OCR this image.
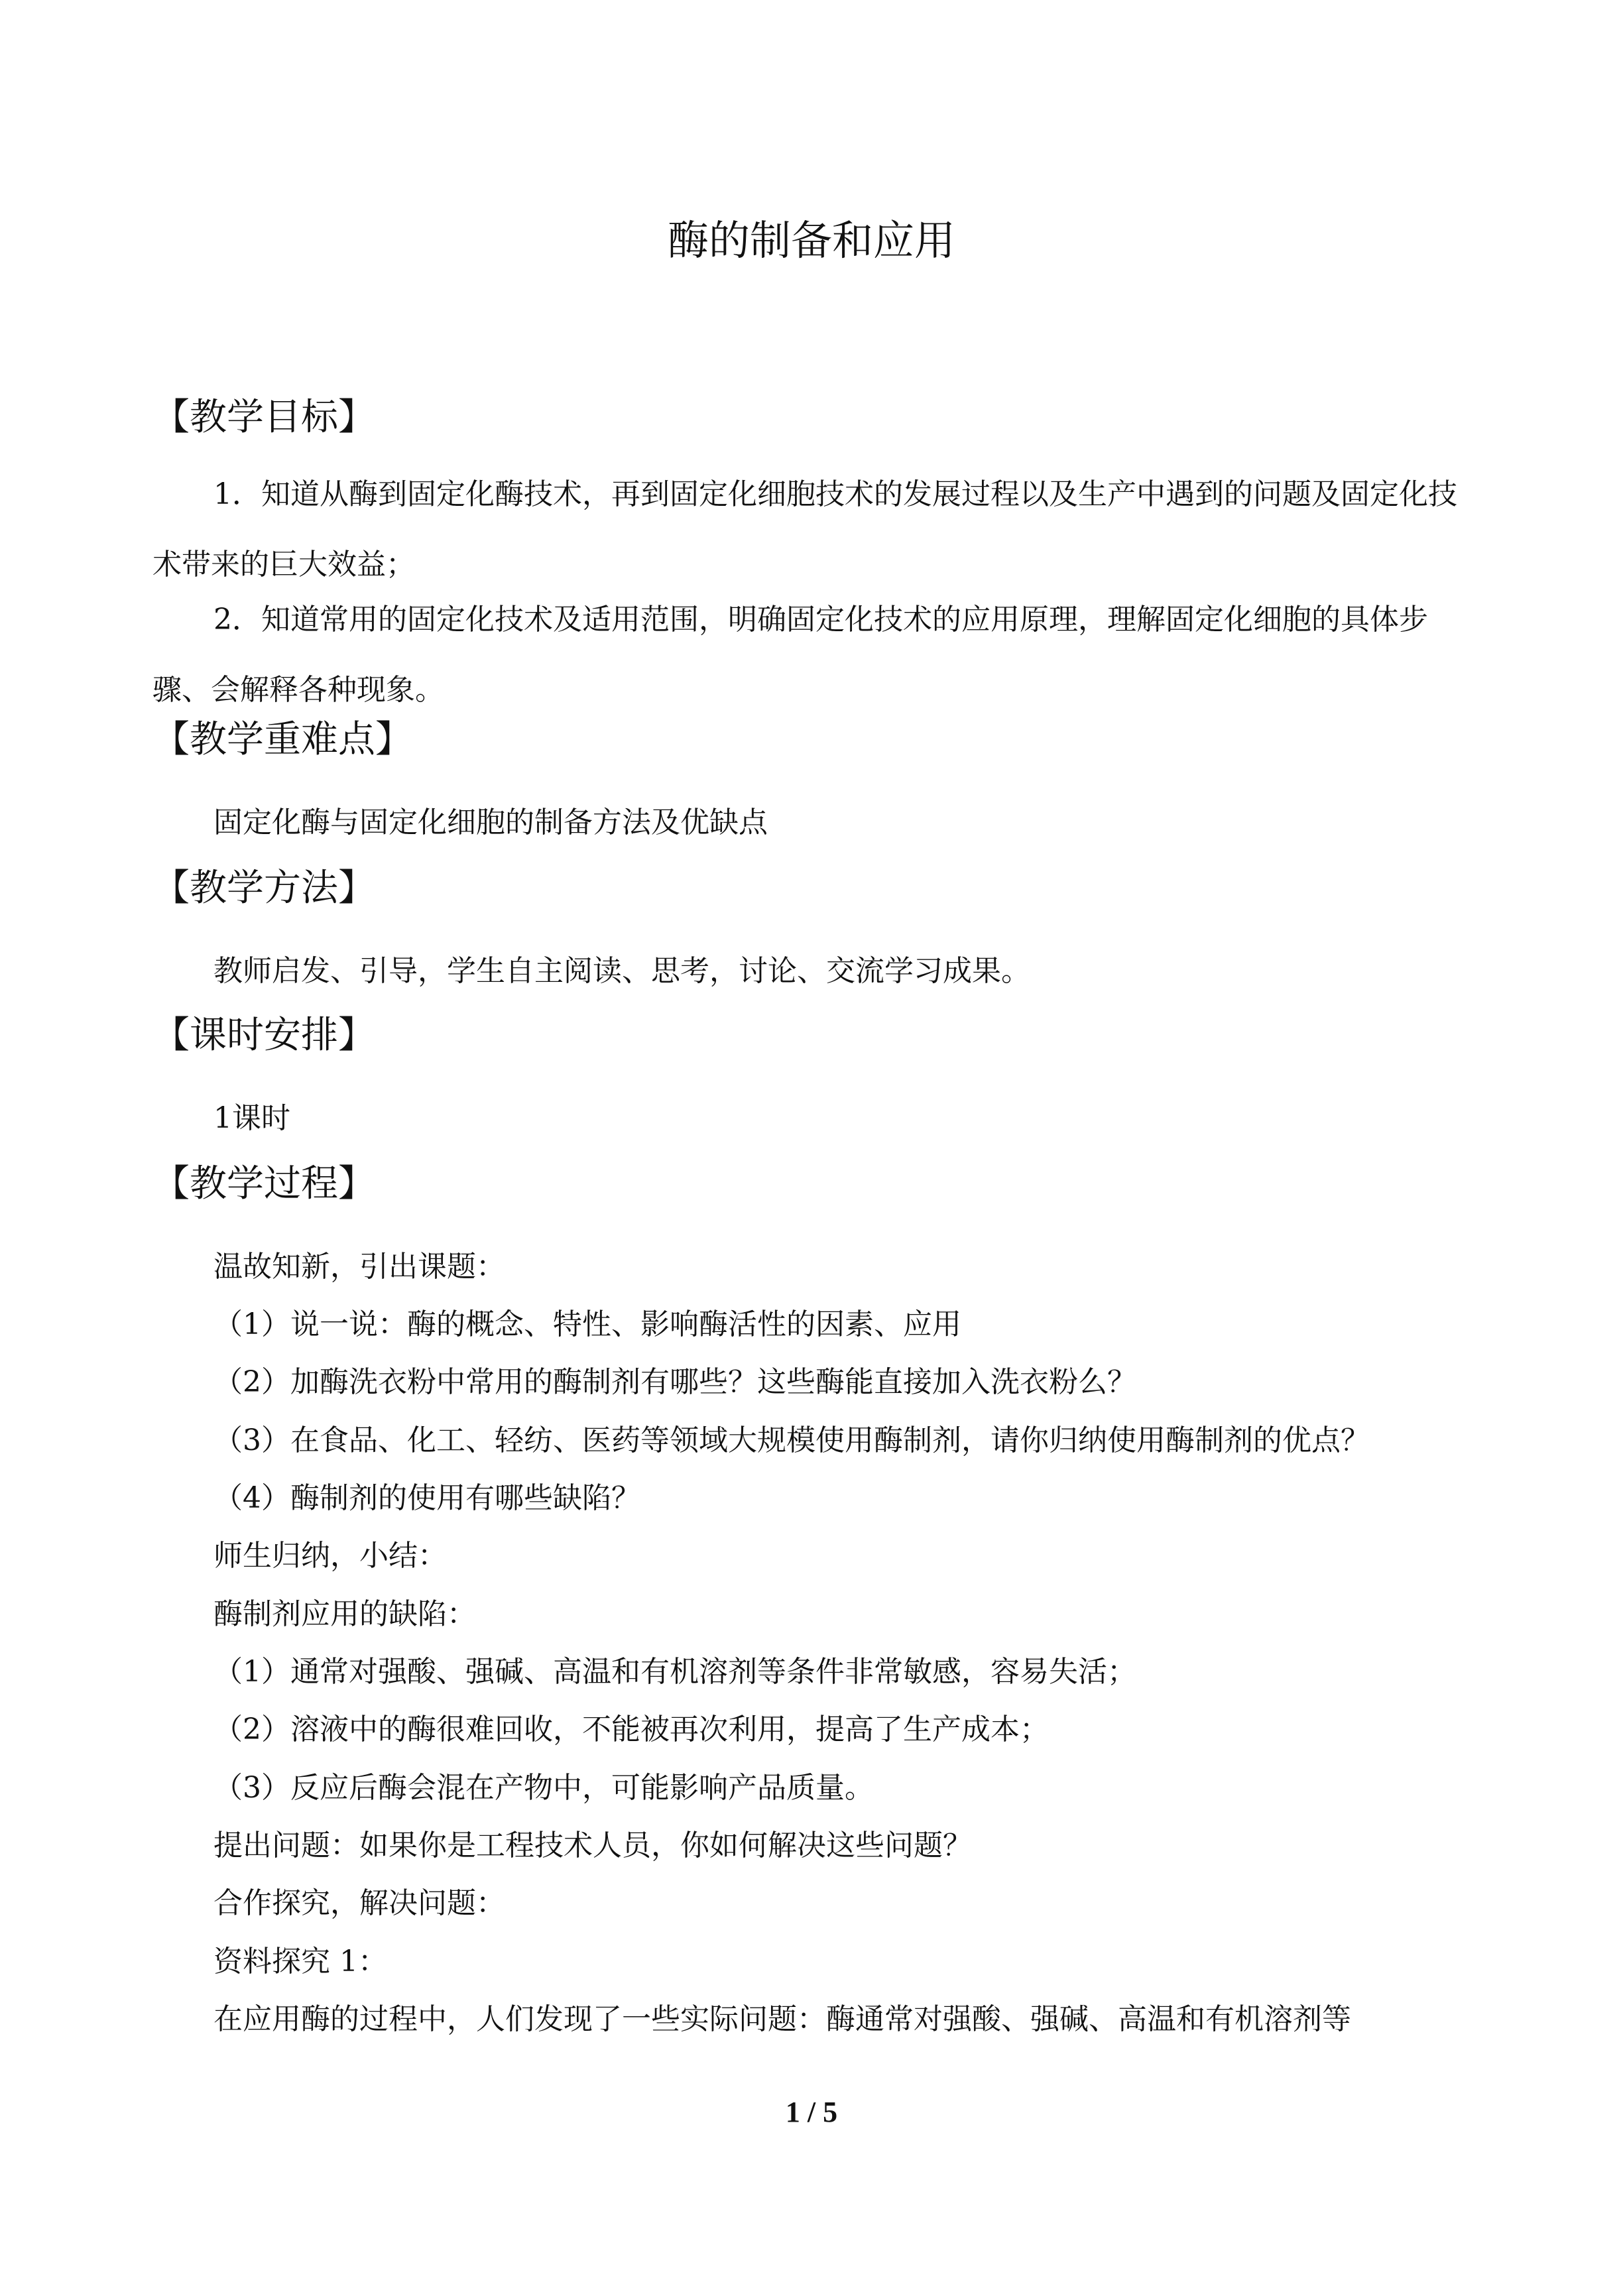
酶的制备和应用
【教学目标】
1．知道从酶到固定化酶技术，再到固定化细胞技术的发展过程以及生产中遇到的问题及固定化技术带来的巨大效益；
2．知道常用的固定化技术及适用范围，明确固定化技术的应用原理，理解固定化细胞的具体步骤、会解释各种现象。
【教学重难点】
固定化酶与固定化细胞的制备方法及优缺点
【教学方法】
教师启发、引导，学生自主阅读、思考，讨论、交流学习成果。
【课时安排】
1课时
【教学过程】
温故知新，引出课题：
（1）说一说：酶的概念、特性、影响酶活性的因素、应用
（2）加酶洗衣粉中常用的酶制剂有哪些？这些酶能直接加入洗衣粉么？
（3）在食品、化工、轻纺、医药等领域大规模使用酶制剂，请你归纳使用酶制剂的优点？
（4）酶制剂的使用有哪些缺陷？
师生归纳，小结：
酶制剂应用的缺陷：
（1）通常对强酸、强碱、高温和有机溶剂等条件非常敏感，容易失活；
（2）溶液中的酶很难回收，不能被再次利用，提高了生产成本；
（3）反应后酶会混在产物中，可能影响产品质量。
提出问题：如果你是工程技术人员，你如何解决这些问题？
合作探究，解决问题：
资料探究 1：
在应用酶的过程中，人们发现了一些实际问题：酶通常对强酸、强碱、高温和有机溶剂等
1 / 5
